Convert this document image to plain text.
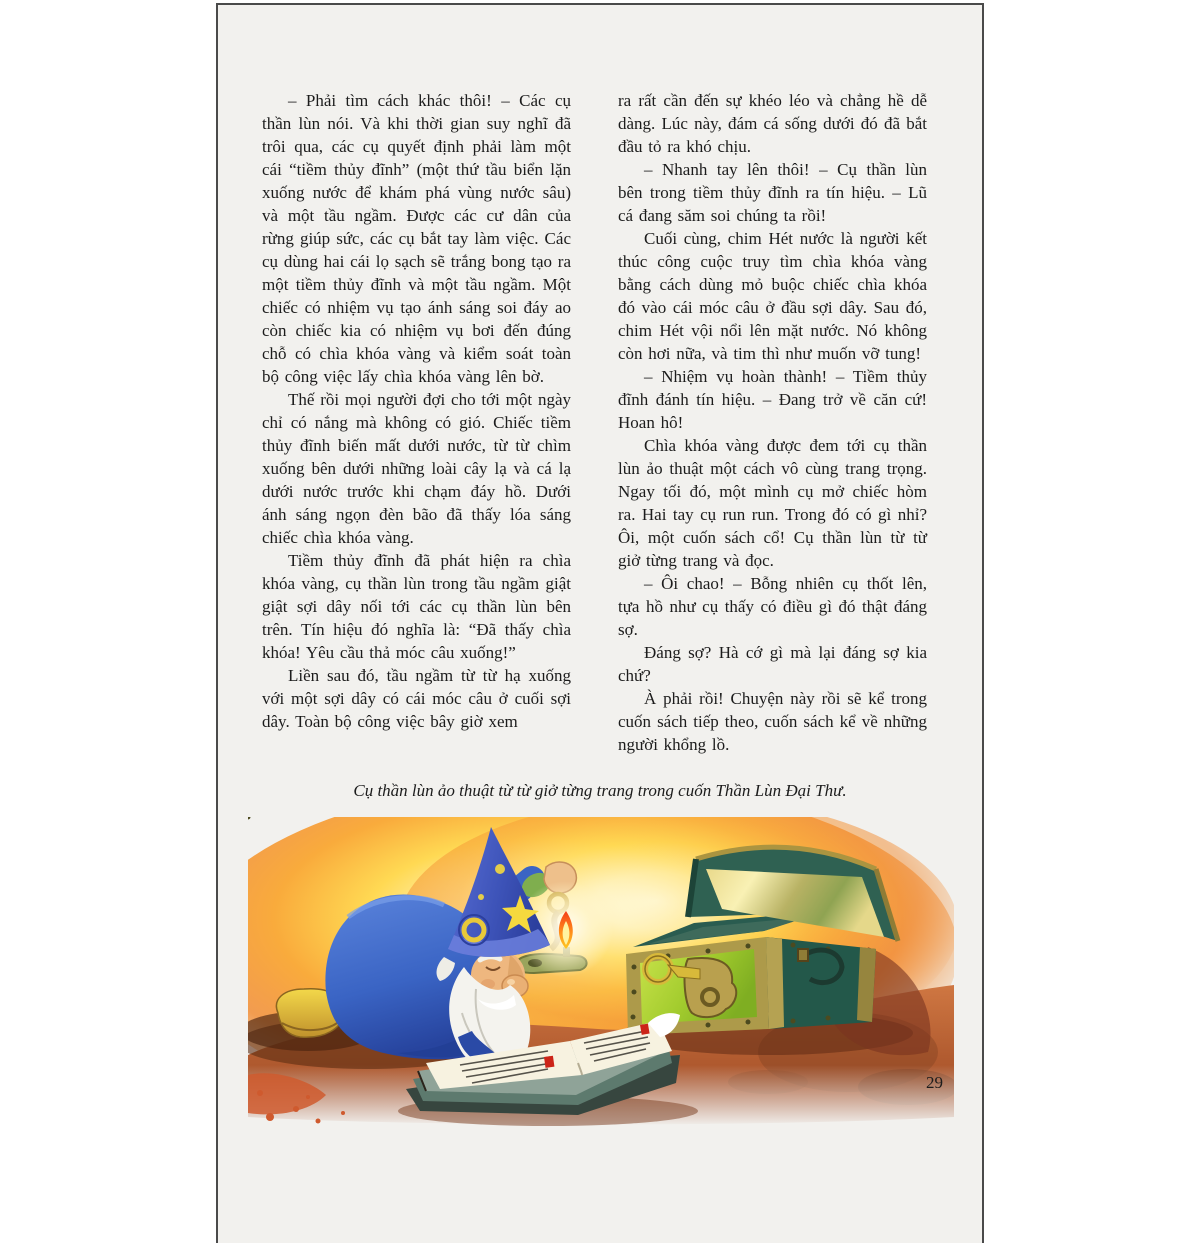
– Phải tìm cách khác thôi! – Các cụ thần lùn nói. Và khi thời gian suy nghĩ đã trôi qua, các cụ quyết định phải làm một cái “tiềm thủy đĩnh” (một thứ tầu biển lặn xuống nước để khám phá vùng nước sâu) và một tầu ngầm. Được các cư dân của rừng giúp sức, các cụ bắt tay làm việc. Các cụ dùng hai cái lọ sạch sẽ trắng bong tạo ra một tiềm thủy đĩnh và một tầu ngầm. Một chiếc có nhiệm vụ tạo ánh sáng soi đáy ao còn chiếc kia có nhiệm vụ bơi đến đúng chỗ có chìa khóa vàng và kiểm soát toàn bộ công việc lấy chìa khóa vàng lên bờ.

Thế rồi mọi người đợi cho tới một ngày chỉ có nắng mà không có gió. Chiếc tiềm thủy đĩnh biến mất dưới nước, từ từ chìm xuống bên dưới những loài cây lạ và cá lạ dưới nước trước khi chạm đáy hồ. Dưới ánh sáng ngọn đèn bão đã thấy lóa sáng chiếc chìa khóa vàng.

Tiềm thủy đĩnh đã phát hiện ra chìa khóa vàng, cụ thần lùn trong tầu ngầm giật giật sợi dây nối tới các cụ thần lùn bên trên. Tín hiệu đó nghĩa là: “Đã thấy chìa khóa! Yêu cầu thả móc câu xuống!”

Liền sau đó, tầu ngầm từ từ hạ xuống với một sợi dây có cái móc câu ở cuối sợi dây. Toàn bộ công việc bây giờ xem

ra rất cần đến sự khéo léo và chẳng hề dễ dàng. Lúc này, đám cá sống dưới đó đã bắt đầu tỏ ra khó chịu.

– Nhanh tay lên thôi! – Cụ thần lùn bên trong tiềm thủy đĩnh ra tín hiệu. – Lũ cá đang săm soi chúng ta rồi!

Cuối cùng, chim Hét nước là người kết thúc công cuộc truy tìm chìa khóa vàng bằng cách dùng mỏ buộc chiếc chìa khóa đó vào cái móc câu ở đầu sợi dây. Sau đó, chim Hét vội nổi lên mặt nước. Nó không còn hơi nữa, và tim thì như muốn vỡ tung!

– Nhiệm vụ hoàn thành! – Tiềm thủy đĩnh đánh tín hiệu. – Đang trở về căn cứ! Hoan hô!

Chìa khóa vàng được đem tới cụ thần lùn ảo thuật một cách vô cùng trang trọng. Ngay tối đó, một mình cụ mở chiếc hòm ra. Hai tay cụ run run. Trong đó có gì nhỉ? Ôi, một cuốn sách cổ! Cụ thần lùn từ từ giở từng trang và đọc.

– Ôi chao! – Bỗng nhiên cụ thốt lên, tựa hồ như cụ thấy có điều gì đó thật đáng sợ.

Đáng sợ? Hà cớ gì mà lại đáng sợ kia chứ?

À phải rồi! Chuyện này rồi sẽ kể trong cuốn sách tiếp theo, cuốn sách kể về những người khổng lồ.

Cụ thần lùn ảo thuật từ từ giở từng trang trong cuốn Thần Lùn Đại Thư.
29
